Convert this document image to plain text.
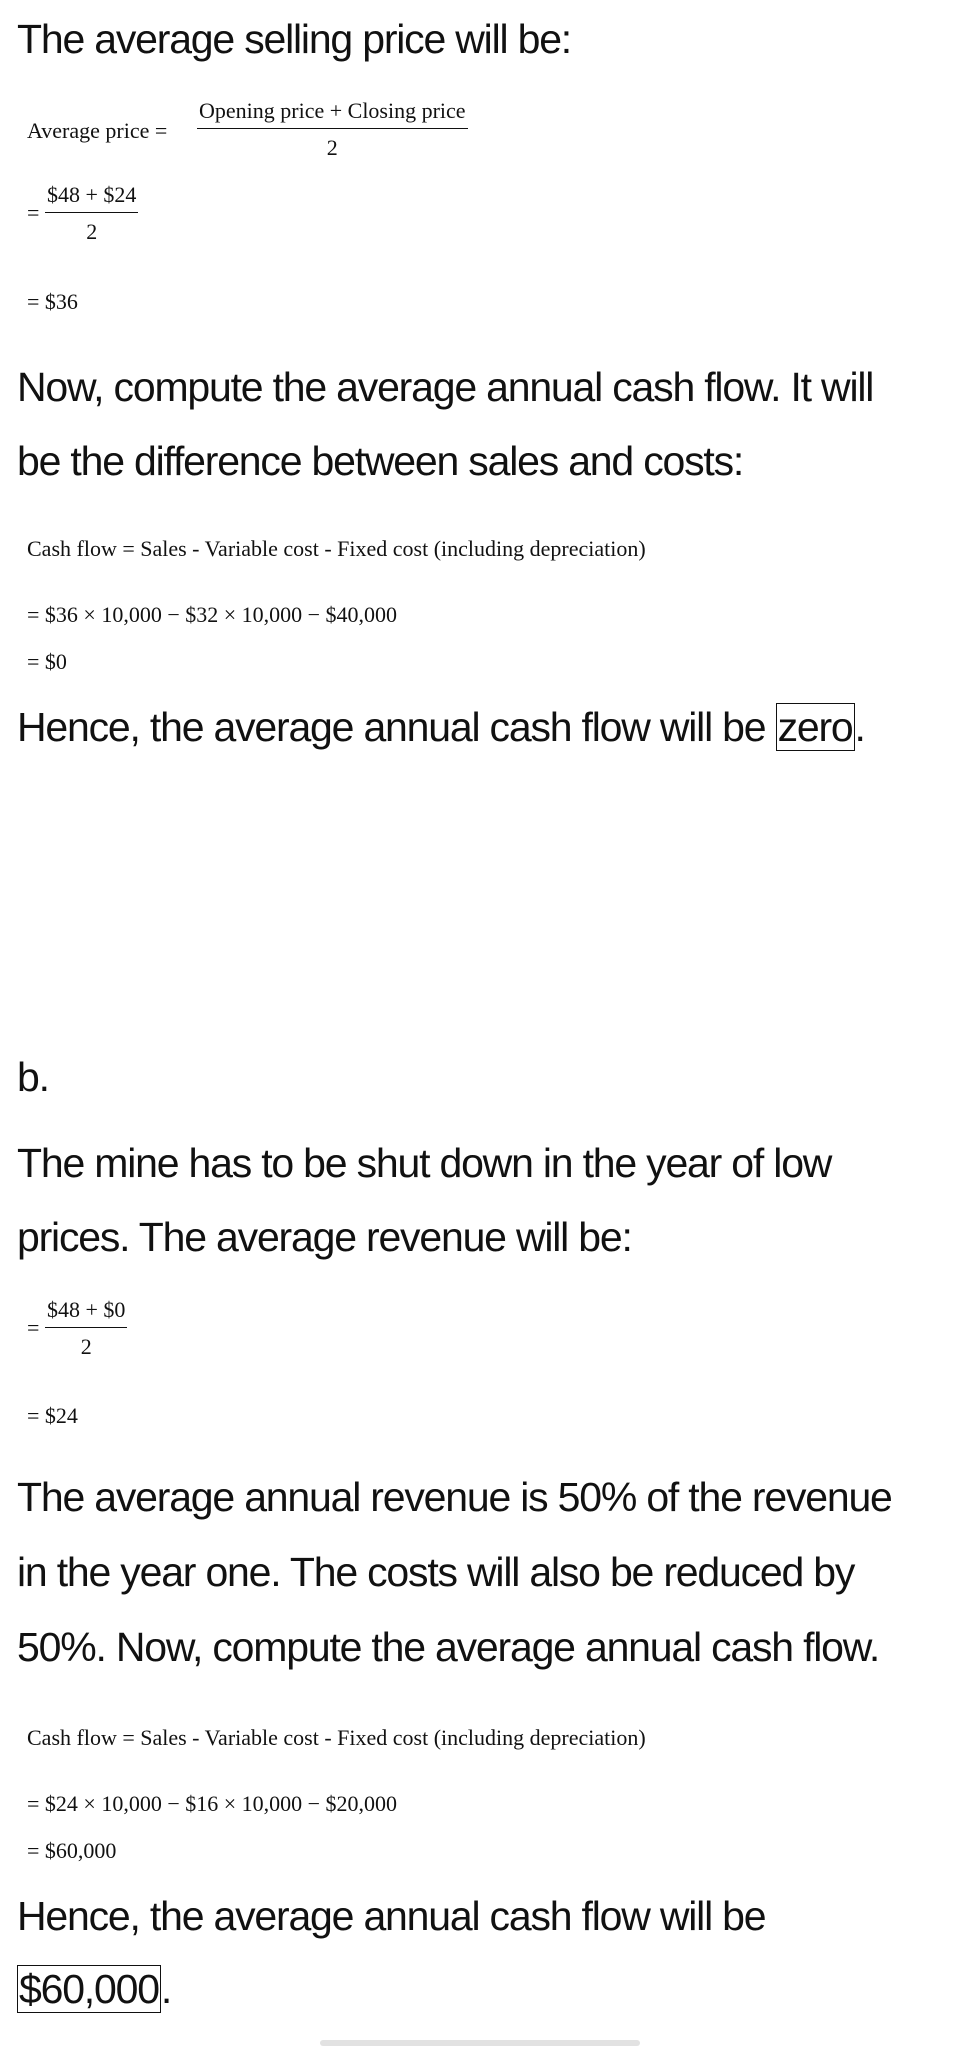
The average selling price will be:

Average price =
Opening price + Closing price
2
= $\frac{\$48 + \$24}{2}$
= $36

Now, compute the average annual cash flow. It will

be the difference between sales and costs:

Cash flow = Sales - Variable cost - Fixed cost (including depreciation)
= $36 × 10,000 − $32 × 10,000 − $40,000
= $0

Hence, the average annual cash flow will be zero.

b.

The mine has to be shut down in the year of low

prices. The average revenue will be:

= $\frac{\$48 + \$0}{2}$
= $24

The average annual revenue is 50% of the revenue

in the year one. The costs will also be reduced by

50%. Now, compute the average annual cash flow.

Cash flow = Sales - Variable cost - Fixed cost (including depreciation)
= $24 × 10,000 − $16 × 10,000 − $20,000
= $60,000

Hence, the average annual cash flow will be

$60,000.
